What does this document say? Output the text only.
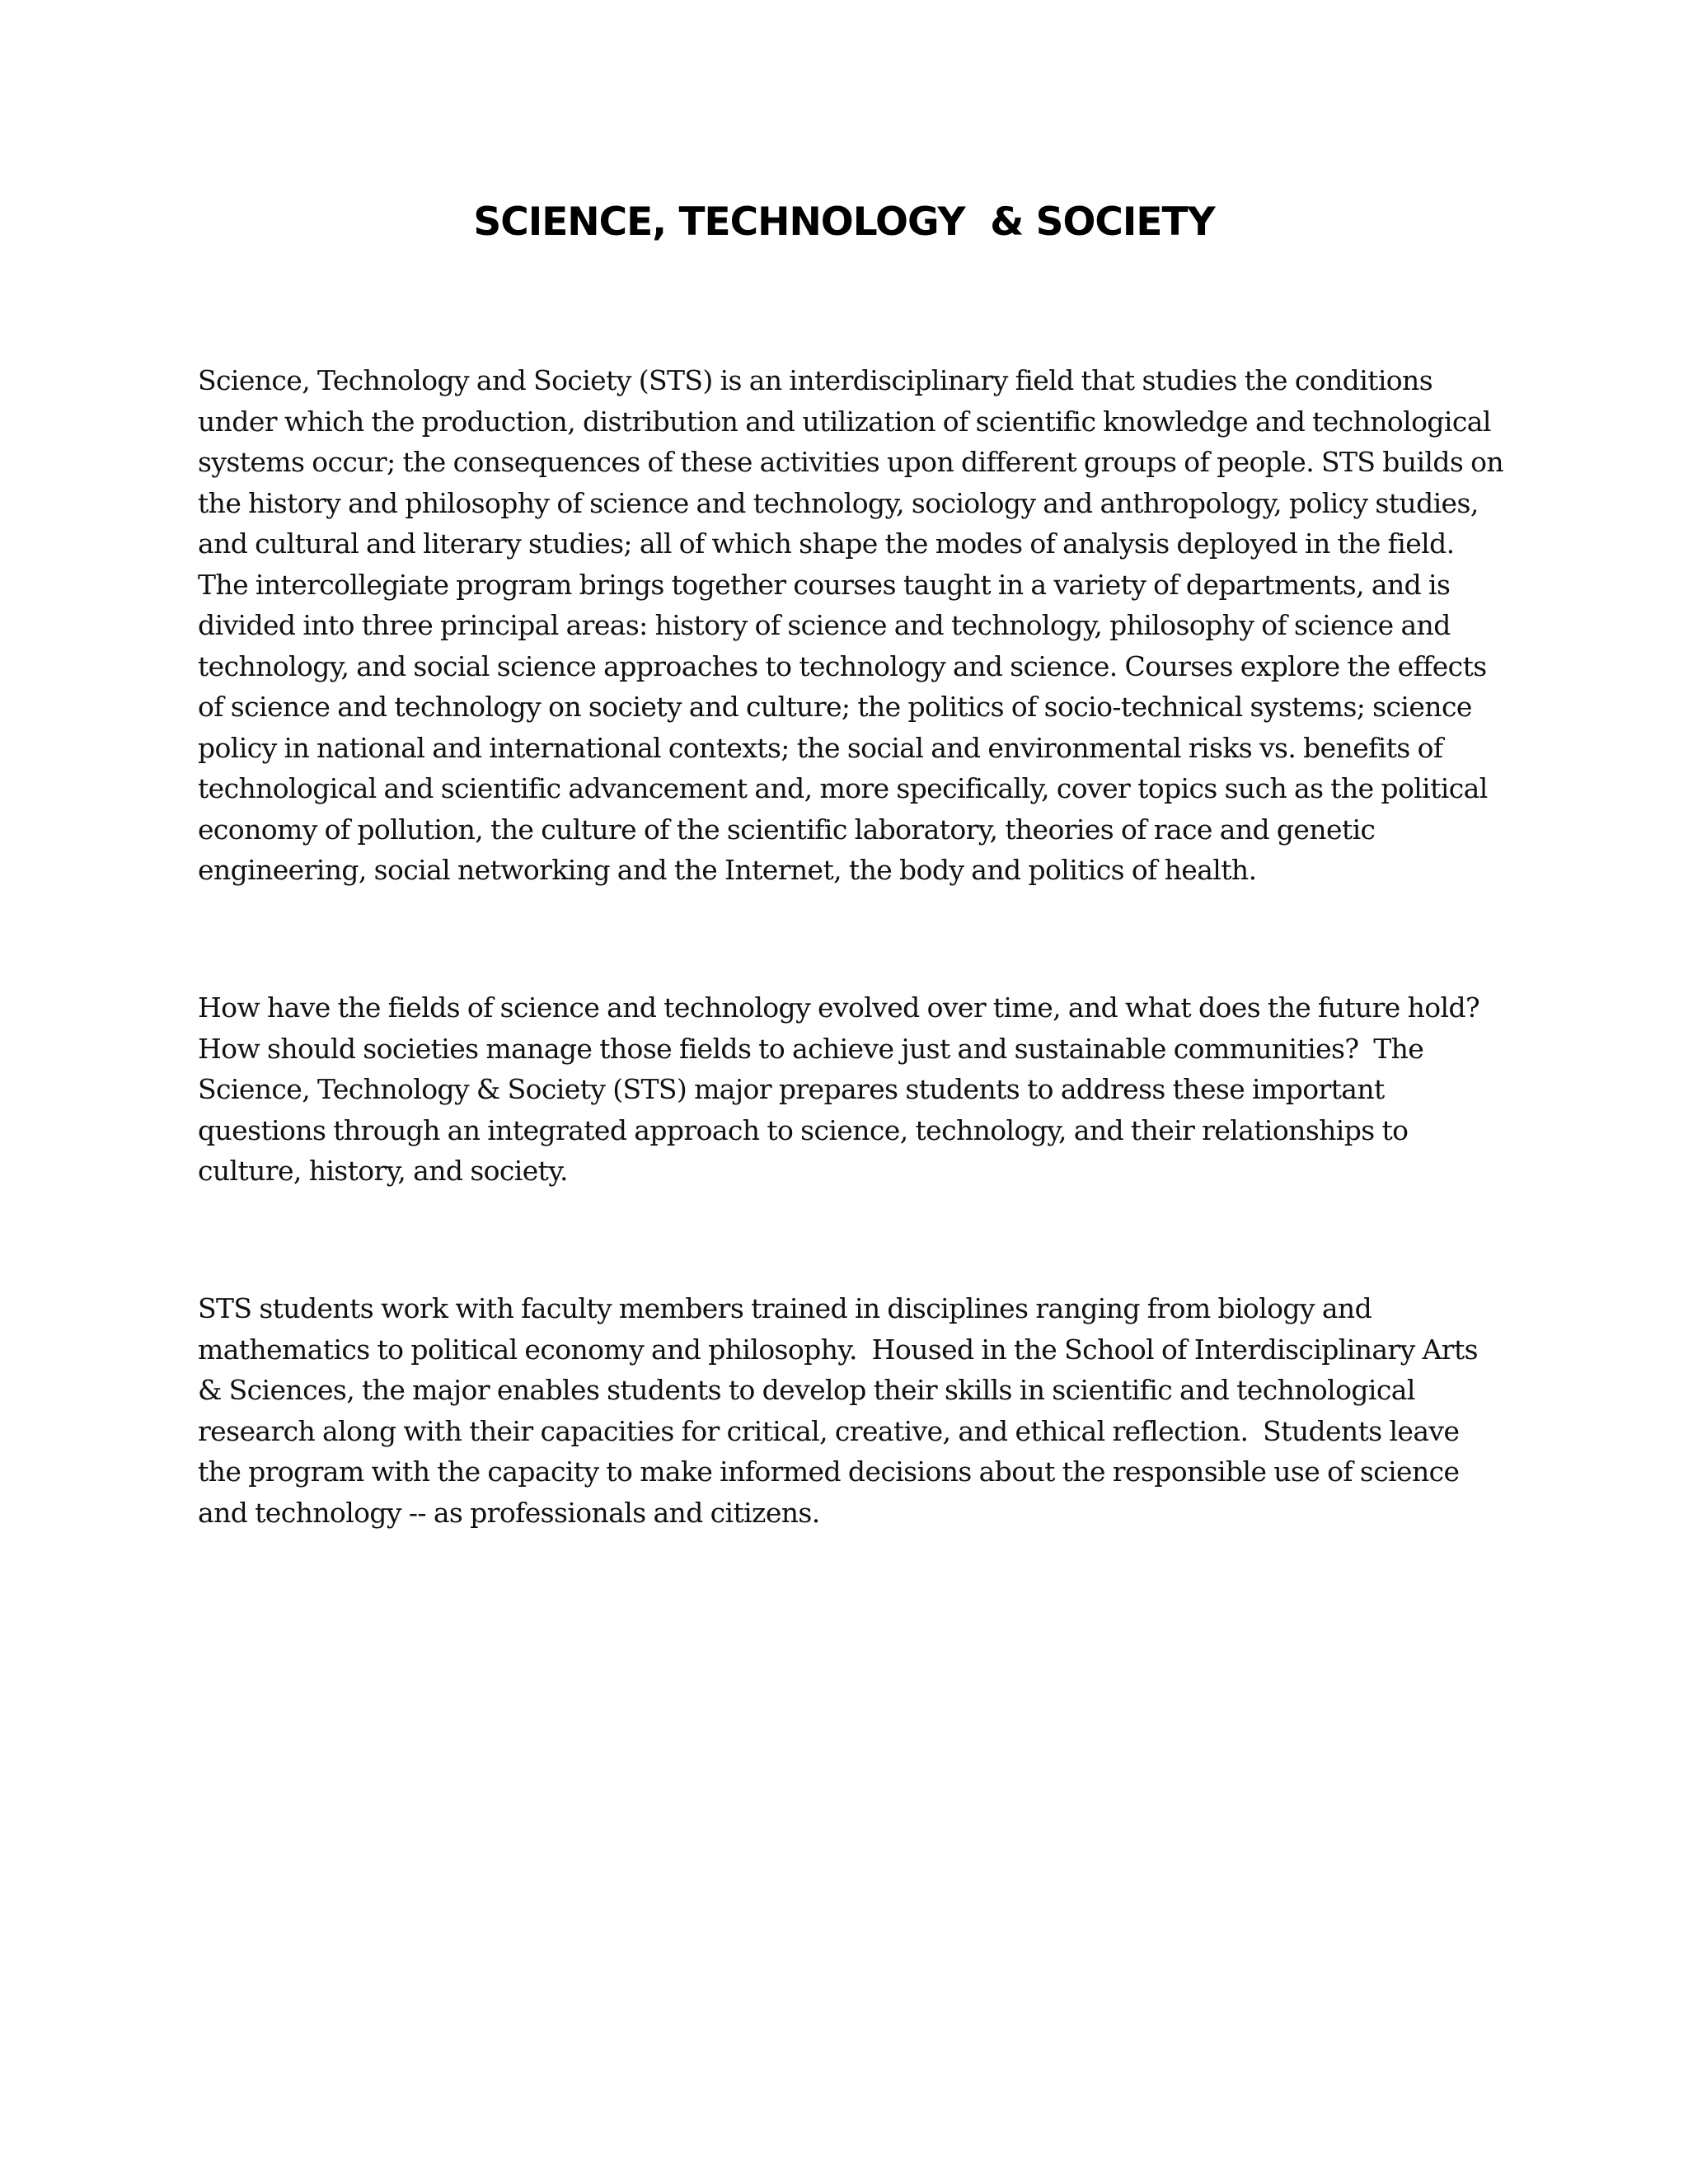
SCIENCE, TECHNOLOGY  & SOCIETY

Science, Technology and Society (STS) is an interdisciplinary field that studies the conditions under which the production, distribution and utilization of scientific knowledge and technological systems occur; the consequences of these activities upon different groups of people. STS builds on the history and philosophy of science and technology, sociology and anthropology, policy studies, and cultural and literary studies; all of which shape the modes of analysis deployed in the field. The intercollegiate program brings together courses taught in a variety of departments, and is divided into three principal areas: history of science and technology, philosophy of science and technology, and social science approaches to technology and science. Courses explore the effects of science and technology on society and culture; the politics of socio-technical systems; science policy in national and international contexts; the social and environmental risks vs. benefits of technological and scientific advancement and, more specifically, cover topics such as the political economy of pollution, the culture of the scientific laboratory, theories of race and genetic engineering, social networking and the Internet, the body and politics of health.

How have the fields of science and technology evolved over time, and what does the future hold? How should societies manage those fields to achieve just and sustainable communities?  The Science, Technology & Society (STS) major prepares students to address these important questions through an integrated approach to science, technology, and their relationships to culture, history, and society.

STS students work with faculty members trained in disciplines ranging from biology and mathematics to political economy and philosophy.  Housed in the School of Interdisciplinary Arts & Sciences, the major enables students to develop their skills in scientific and technological research along with their capacities for critical, creative, and ethical reflection.  Students leave the program with the capacity to make informed decisions about the responsible use of science and technology -- as professionals and citizens.
